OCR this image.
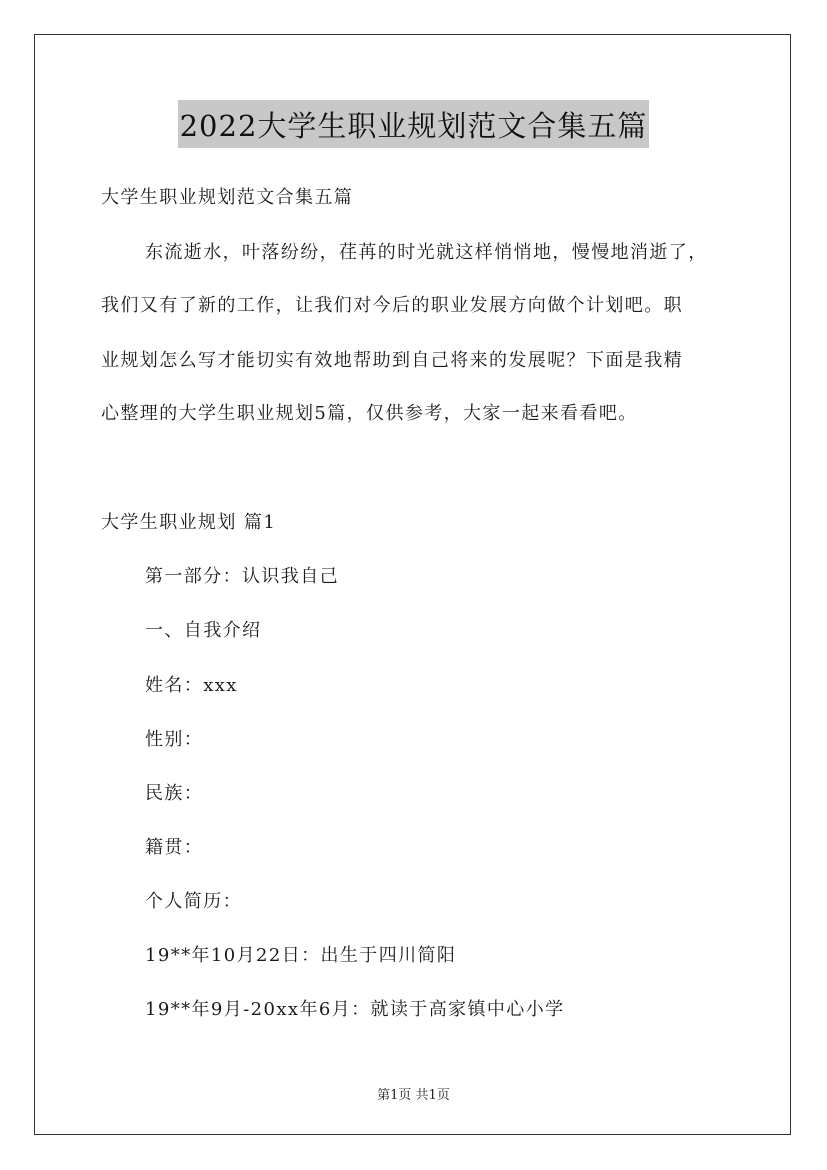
2022大学生职业规划范文合集五篇
大学生职业规划范文合集五篇
东流逝水，叶落纷纷，荏苒的时光就这样悄悄地，慢慢地消逝了，
我们又有了新的工作，让我们对今后的职业发展方向做个计划吧。职
业规划怎么写才能切实有效地帮助到自己将来的发展呢？下面是我精
心整理的大学生职业规划5篇，仅供参考，大家一起来看看吧。
大学生职业规划 篇1
第一部分：认识我自己
一、自我介绍
姓名：xxx
性别：
民族：
籍贯：
个人简历：
19**年10月22日：出生于四川简阳
19**年9月-20xx年6月：就读于高家镇中心小学
第1页 共1页
